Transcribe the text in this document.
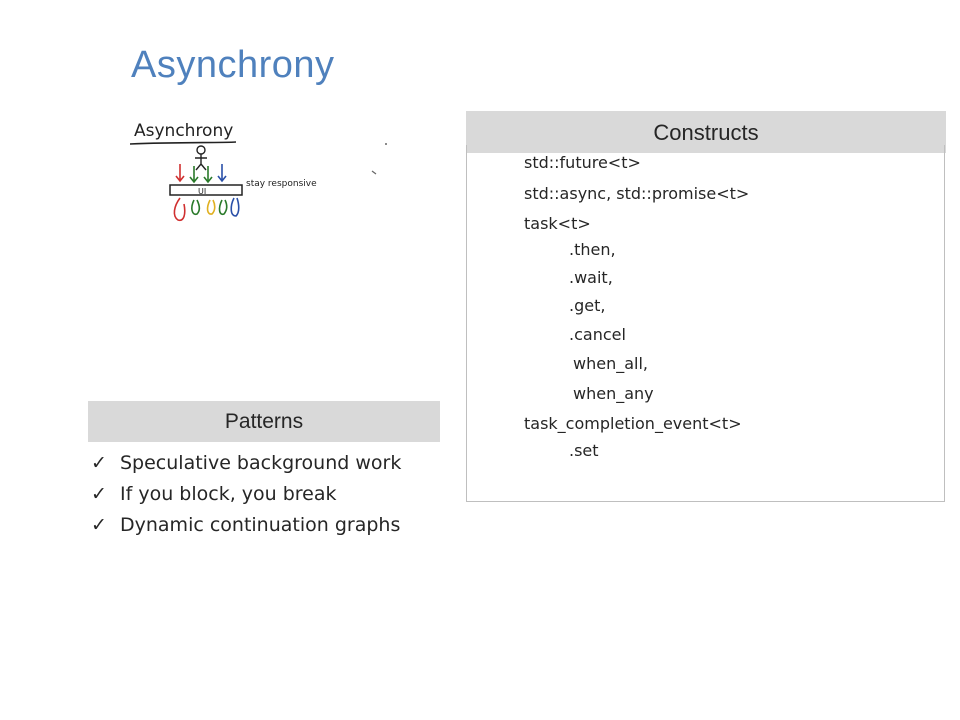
Asynchrony
Asynchrony
UI
stay responsive
Constructs
std::future<t>
std::async, std::promise<t>
task<t>
.then,
.wait,
.get,
.cancel
when_all,
when_any
task_completion_event<t>
.set
Patterns
✓ Speculative background work
✓ If you block, you break
✓ Dynamic continuation graphs
